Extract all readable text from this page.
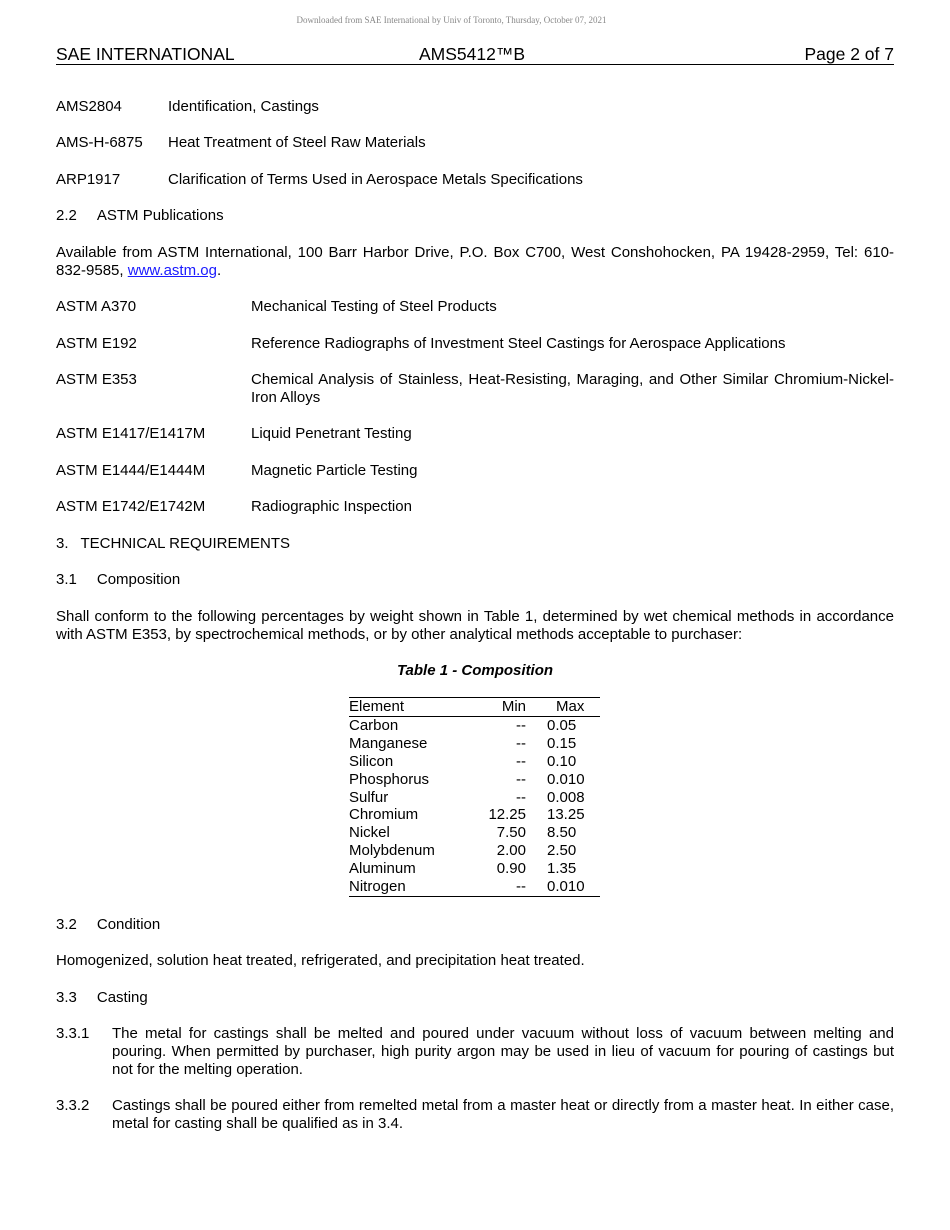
Downloaded from SAE International by Univ of Toronto, Thursday, October 07, 2021
SAE INTERNATIONAL	AMS5412™B	Page 2 of 7
AMS2804	Identification, Castings
AMS-H-6875 Heat Treatment of Steel Raw Materials
ARP1917	Clarification of Terms Used in Aerospace Metals Specifications
2.2 ASTM Publications
Available from ASTM International, 100 Barr Harbor Drive, P.O. Box C700, West Conshohocken, PA 19428-2959, Tel: 610-832-9585, www.astm.og.
ASTM A370	Mechanical Testing of Steel Products
ASTM E192	Reference Radiographs of Investment Steel Castings for Aerospace Applications
ASTM E353	Chemical Analysis of Stainless, Heat-Resisting, Maraging, and Other Similar Chromium-Nickel-Iron Alloys
ASTM E1417/E1417M	Liquid Penetrant Testing
ASTM E1444/E1444M	Magnetic Particle Testing
ASTM E1742/E1742M	Radiographic Inspection
3. TECHNICAL REQUIREMENTS
3.1 Composition
Shall conform to the following percentages by weight shown in Table 1, determined by wet chemical methods in accordance with ASTM E353, by spectrochemical methods, or by other analytical methods acceptable to purchaser:
Table 1 - Composition
Element	Min	Max
Carbon	--	0.05
Manganese	--	0.15
Silicon	--	0.10
Phosphorus	--	0.010
Sulfur	--	0.008
Chromium	12.25	13.25
Nickel	7.50	8.50
Molybdenum	2.00	2.50
Aluminum	0.90	1.35
Nitrogen	--	0.010
3.2 Condition
Homogenized, solution heat treated, refrigerated, and precipitation heat treated.
3.3 Casting
3.3.1 The metal for castings shall be melted and poured under vacuum without loss of vacuum between melting and pouring. When permitted by purchaser, high purity argon may be used in lieu of vacuum for pouring of castings but not for the melting operation.
3.3.2 Castings shall be poured either from remelted metal from a master heat or directly from a master heat. In either case, metal for casting shall be qualified as in 3.4.
